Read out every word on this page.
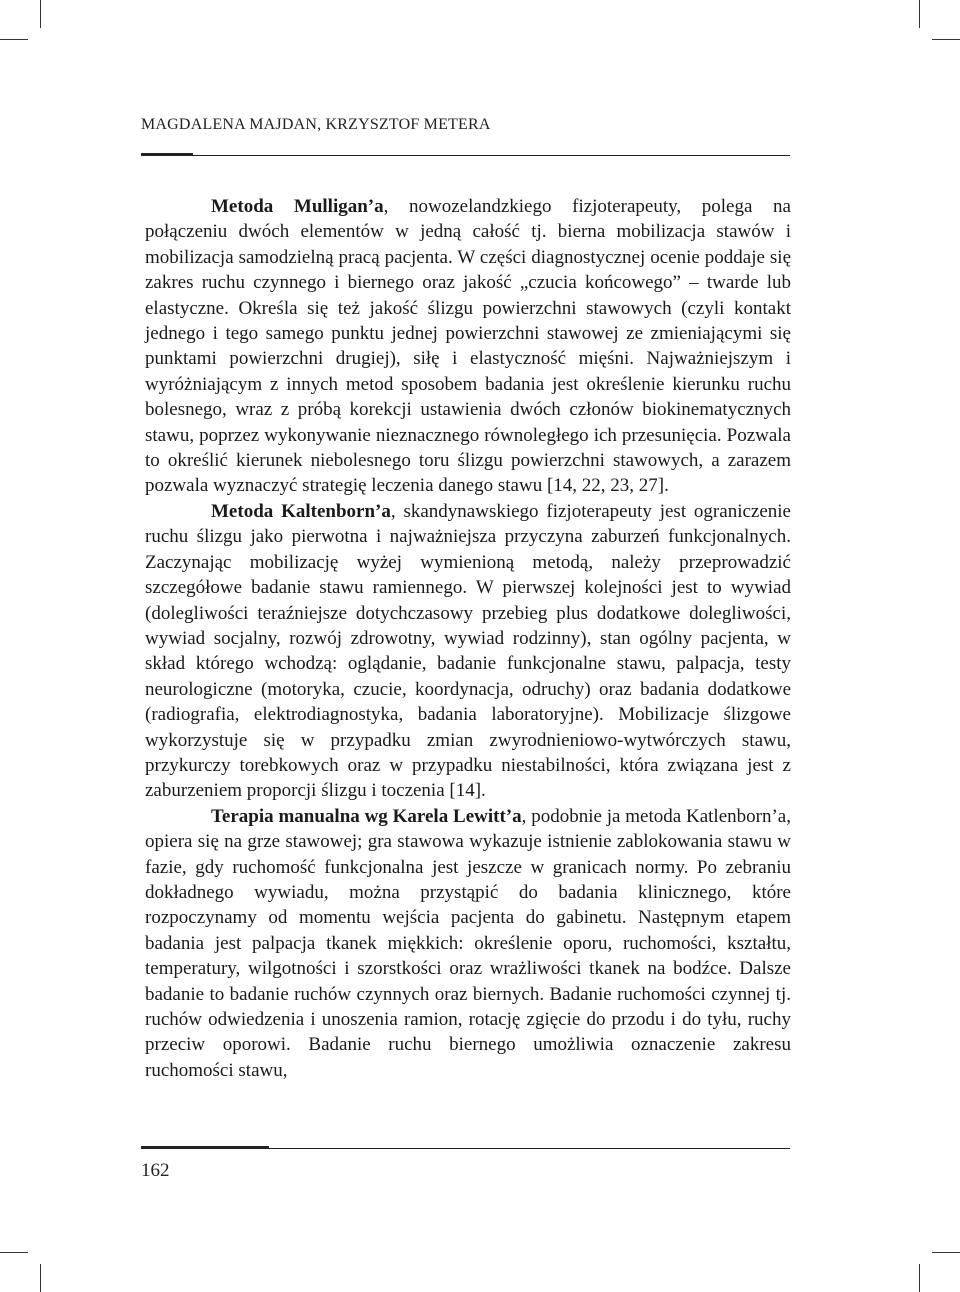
MAGDALENA MAJDAN, KRZYSZTOF METERA

Metoda Mulligan’a, nowozelandzkiego fizjoterapeuty, polega na połączeniu dwóch elementów w jedną całość tj. bierna mobilizacja stawów i mobilizacja samodzielną pracą pacjenta. W części diagnostycznej ocenie poddaje się zakres ruchu czynnego i biernego oraz jakość „czucia końcowego” – twarde lub elastyczne. Określa się też jakość ślizgu powierzchni stawowych (czyli kontakt jednego i tego samego punktu jednej powierzchni stawowej ze zmieniającymi się punktami powierzchni drugiej), siłę i elastyczność mięśni. Najważniejszym i wyróżniającym z innych metod sposobem badania jest określenie kierunku ruchu bolesnego, wraz z próbą korekcji ustawienia dwóch członów biokinematycznych stawu, poprzez wykonywanie nieznacznego równoległego ich przesunięcia. Pozwala to określić kierunek niebolesnego toru ślizgu powierzchni stawowych, a zarazem pozwala wyznaczyć strategię leczenia danego stawu [14, 22, 23, 27].

Metoda Kaltenborn’a, skandynawskiego fizjoterapeuty jest ograniczenie ruchu ślizgu jako pierwotna i najważniejsza przyczyna zaburzeń funkcjonalnych. Zaczynając mobilizację wyżej wymienioną metodą, należy przeprowadzić szczegółowe badanie stawu ramiennego. W pierwszej kolejności jest to wywiad (dolegliwości teraźniejsze dotychczasowy przebieg plus dodatkowe dolegliwości, wywiad socjalny, rozwój zdrowotny, wywiad rodzinny), stan ogólny pacjenta, w skład którego wchodzą: oglądanie, badanie funkcjonalne stawu, palpacja, testy neurologiczne (motoryka, czucie, koordynacja, odruchy) oraz badania dodatkowe (radiografia, elektrodiagnostyka, badania laboratoryjne). Mobilizacje ślizgowe wykorzystuje się w przypadku zmian zwyrodnieniowo-wytwórczych stawu, przykurczy torebkowych oraz w przypadku niestabilności, która związana jest z zaburzeniem proporcji ślizgu i toczenia [14].

Terapia manualna wg Karela Lewitt’a, podobnie ja metoda Katlenborn’a, opiera się na grze stawowej; gra stawowa wykazuje istnienie zablokowania stawu w fazie, gdy ruchomość funkcjonalna jest jeszcze w granicach normy. Po zebraniu dokładnego wywiadu, można przystąpić do badania klinicznego, które rozpoczynamy od momentu wejścia pacjenta do gabinetu. Następnym etapem badania jest palpacja tkanek miękkich: określenie oporu, ruchomości, kształtu, temperatury, wilgotności i szorstkości oraz wrażliwości tkanek na bodźce. Dalsze badanie to badanie ruchów czynnych oraz biernych. Badanie ruchomości czynnej tj. ruchów odwiedzenia i unoszenia ramion, rotację zgięcie do przodu i do tyłu, ruchy przeciw oporowi. Badanie ruchu biernego umożliwia oznaczenie zakresu ruchomości stawu,

162
